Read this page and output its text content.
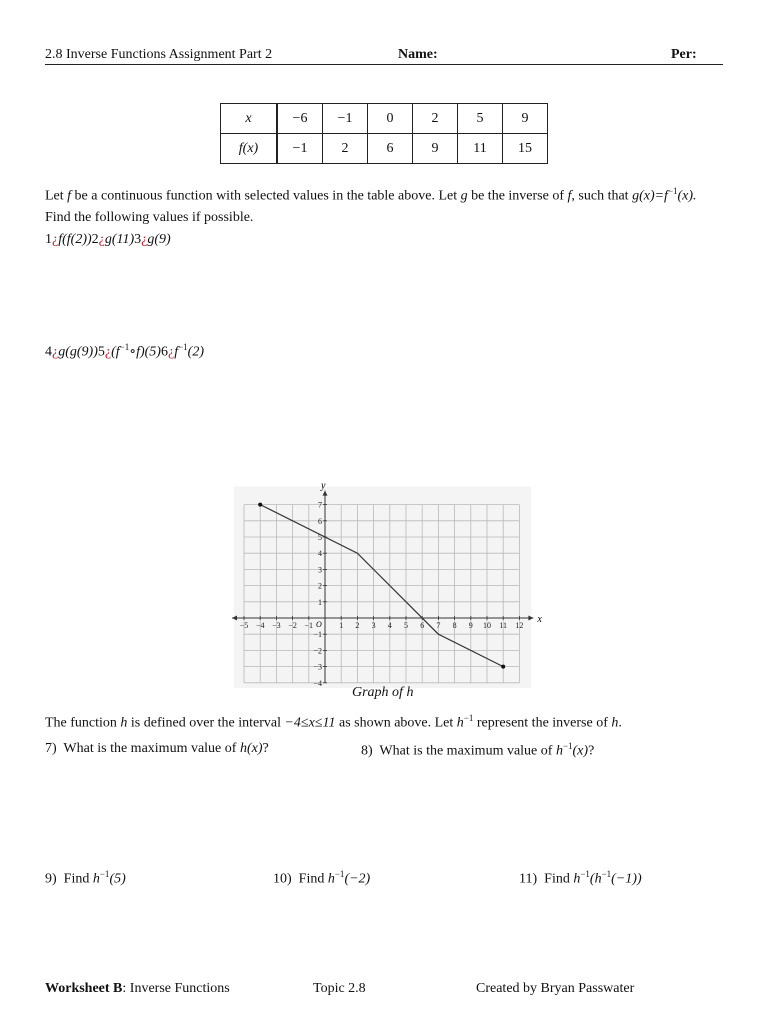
2.8 Inverse Functions Assignment Part 2	Name:	Per:
x	−6	−1	0	2	5	9
f(x)	−1	2	6	9	11	15
Let f be a continuous function with selected values in the table above. Let g be the inverse of f, such that $g(x)=f^{-1}(x)$.
Find the following values if possible.
1¿f(f(2))2¿g(11)3¿g(9)
$4¿g(g(9))5¿(f^{-1}\circ f)(5)6¿f^{-1}(2)$
−5 −4 −3 −2 −1	1 2 3 4 5 6 7 8 9 10 11 12
7
6
5
4
3
2
1
−1
−2
−3
−4
x
y
O
Graph of h
The function h is defined over the interval −4≤x≤11 as shown above. Let $h^{-1}$ represent the inverse of h.
7) What is the maximum value of h(x)?	8) What is the maximum value of $h^{-1}(x)$?
9) Find $h^{-1}(5)$	10) Find $h^{-1}(-2)$	11) Find $h^{-1}(h^{-1}(-1))$
Worksheet B: Inverse Functions	Topic 2.8	Created by Bryan Passwater
